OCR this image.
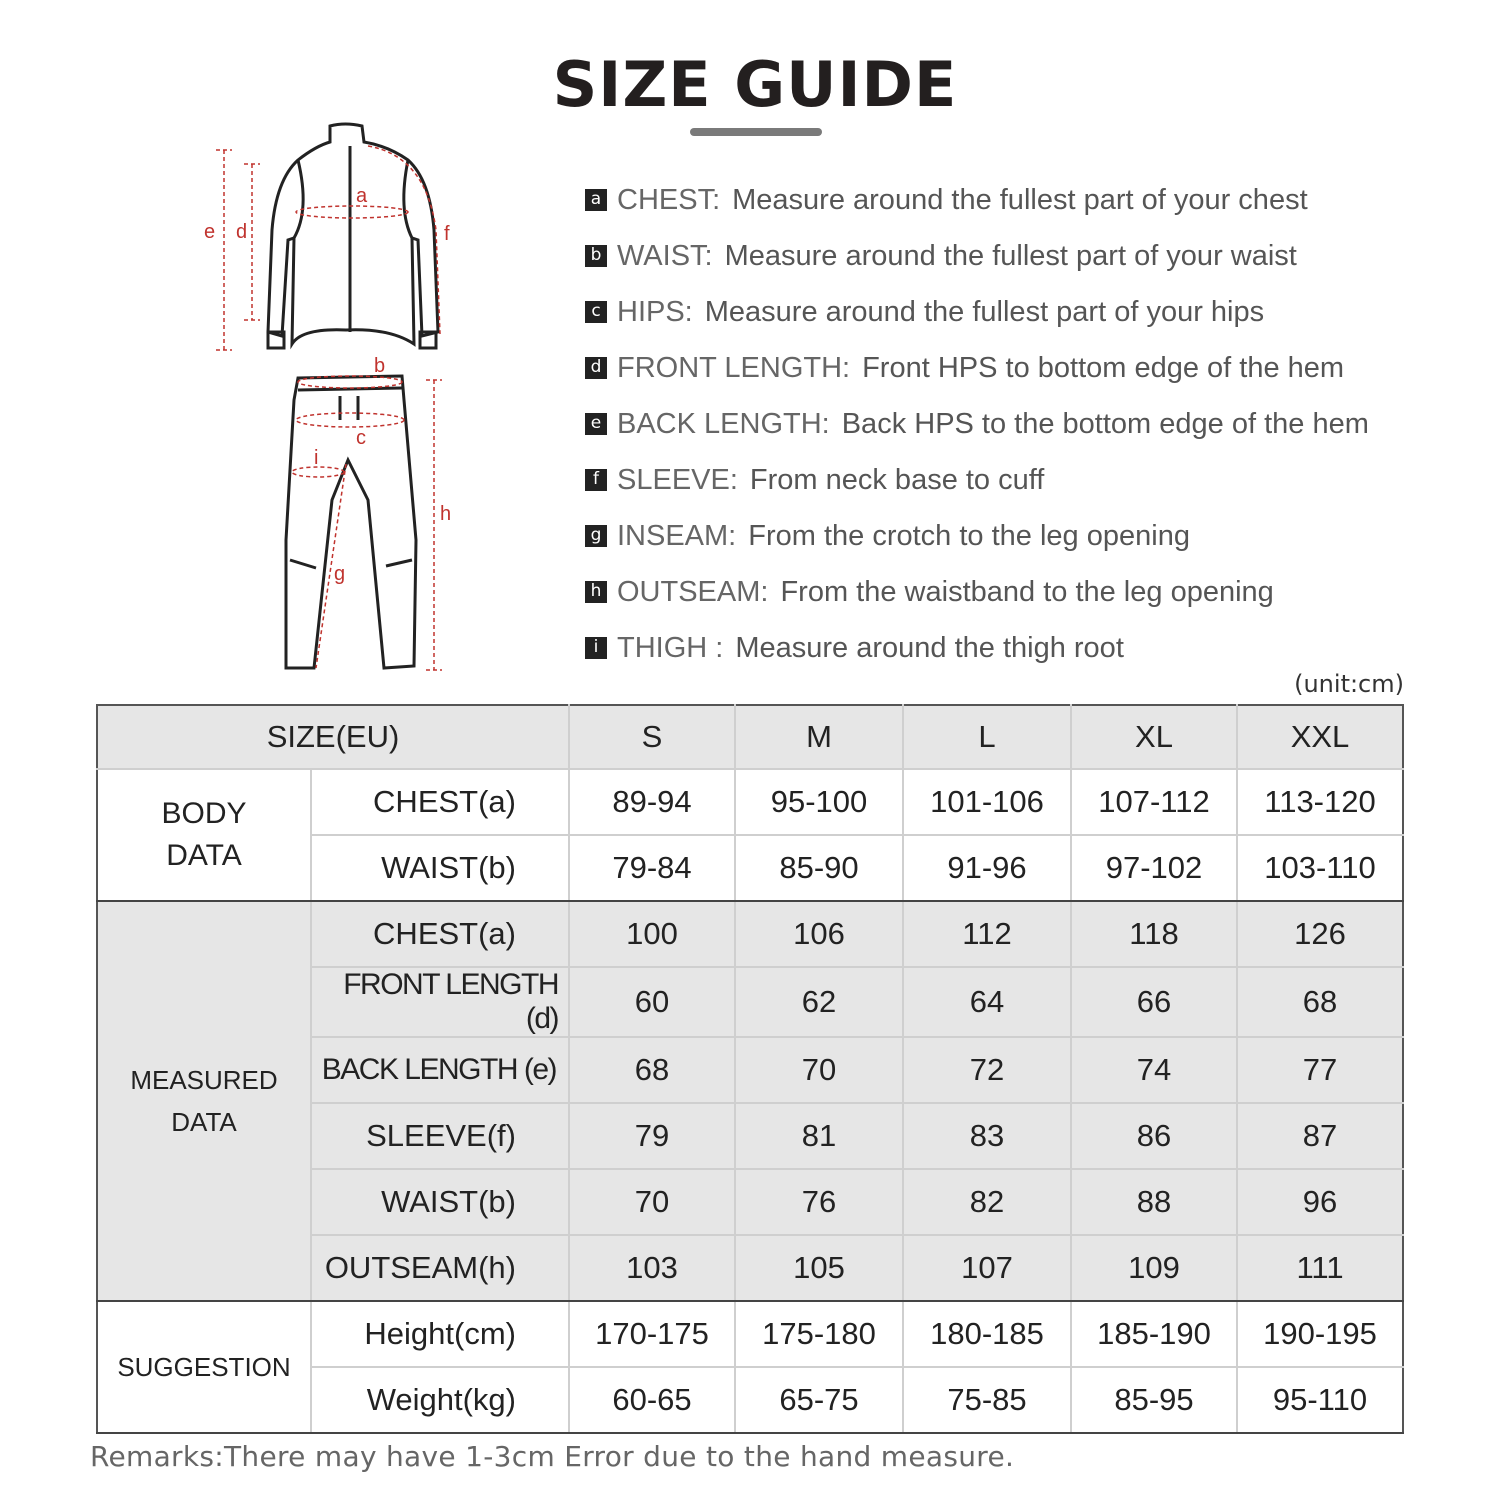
SIZE GUIDE
a
e d	f
b
c
i
h
g
a CHEST: Measure around the fullest part of your chest
b WAIST: Measure around the fullest part of your waist
c HIPS: Measure around the fullest part of your hips
d FRONT LENGTH: Front HPS to bottom edge of the hem
e BACK LENGTH: Back HPS to the bottom edge of the hem
f SLEEVE: From neck base to cuff
g INSEAM: From the crotch to the leg opening
h OUTSEAM: From the waistband to the leg opening
i THIGH : Measure around the thigh root
(unit:cm)
SIZE(EU)		S	M	L	XL	XXL
BODY
DATA	CHEST(a)	89-94	95-100	101-106	107-112	113-120
	WAIST(b)	79-84	85-90	91-96	97-102	103-110
MEASURED
DATA	CHEST(a)	100	106	112	118	126
	FRONT LENGTH (d)	60	62	64	66	68
	BACK LENGTH (e)	68	70	72	74	77
	SLEEVE(f)	79	81	83	86	87
	WAIST(b)	70	76	82	88	96
	OUTSEAM(h)	103	105	107	109	111
SUGGESTION	Height(cm)	170-175	175-180	180-185	185-190	190-195
	Weight(kg)	60-65	65-75	75-85	85-95	95-110
Remarks:There may have 1-3cm Error due to the hand measure.
